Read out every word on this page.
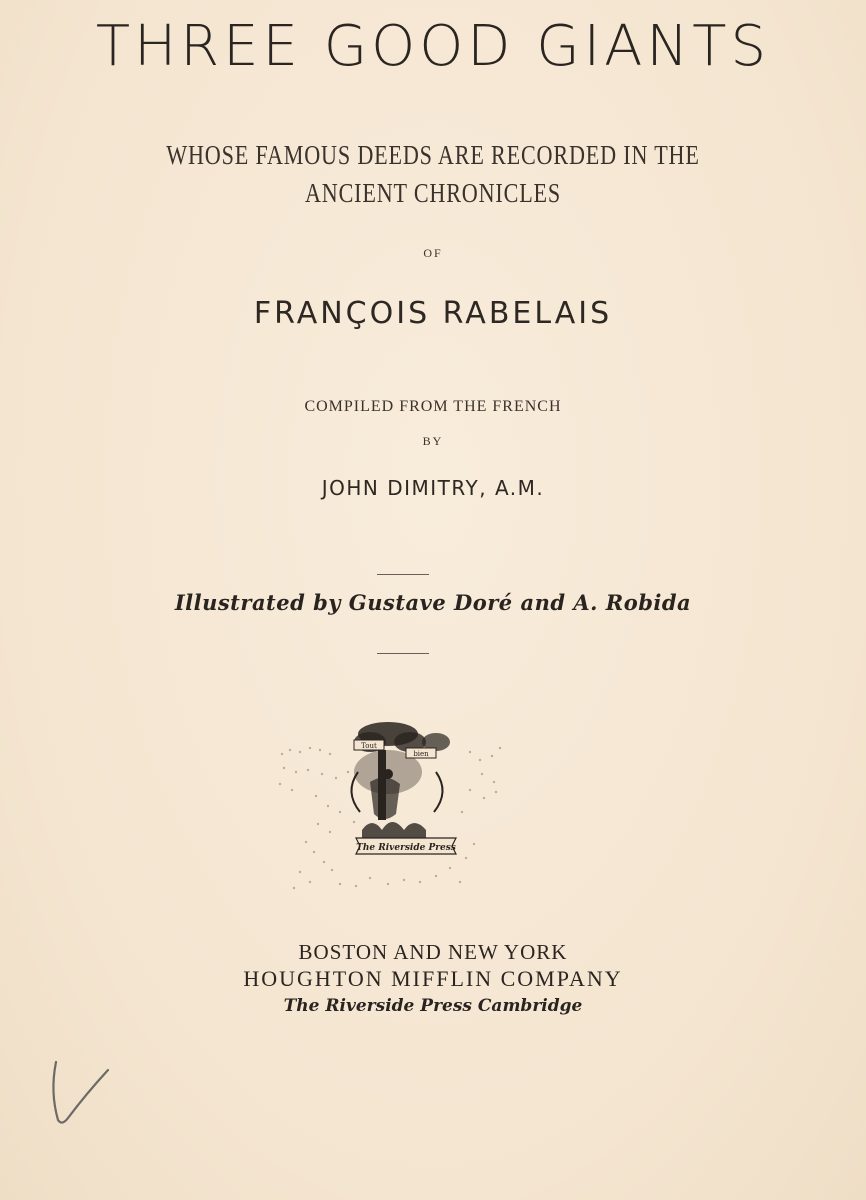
THREE GOOD GIANTS
WHOSE FAMOUS DEEDS ARE RECORDED IN THE
ANCIENT CHRONICLES
OF
FRANÇOIS RABELAIS
COMPILED FROM THE FRENCH
BY
JOHN DIMITRY, A.M.
Illustrated by Gustave Doré and A. Robida
Tout
bien
The Riverside Press
BOSTON AND NEW YORK
HOUGHTON MIFFLIN COMPANY
The Riverside Press Cambridge
